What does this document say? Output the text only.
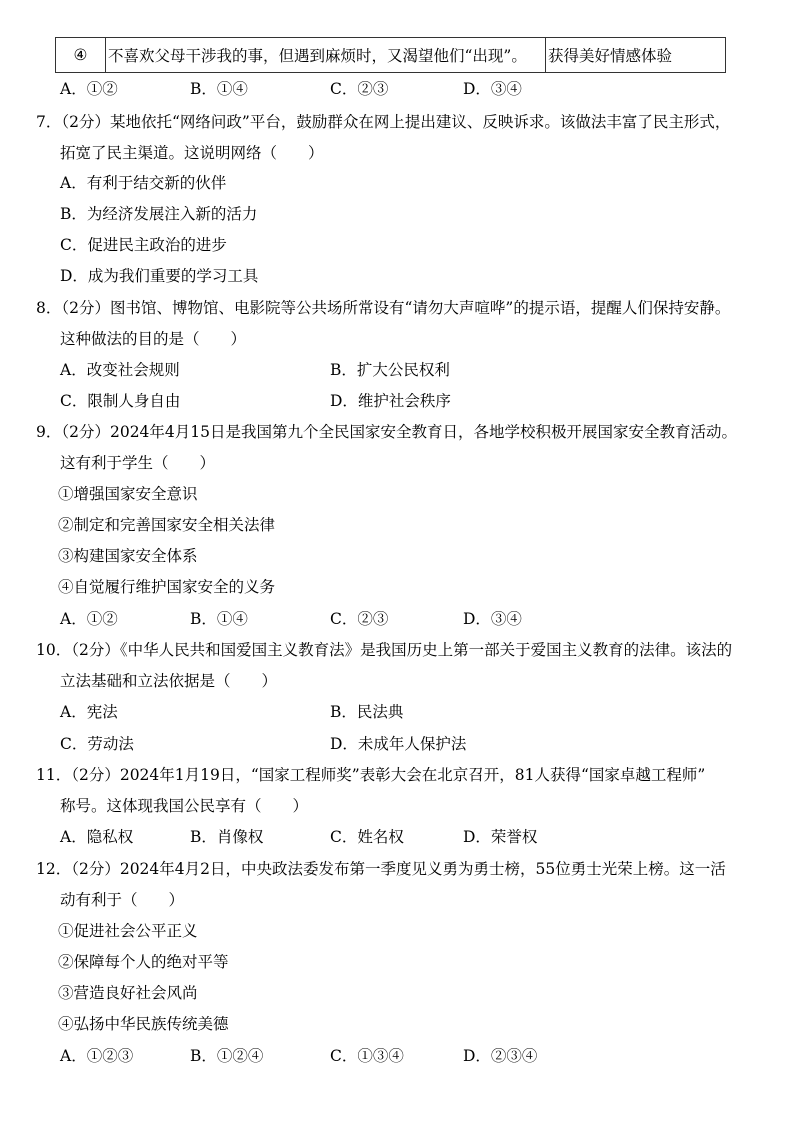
④	不喜欢父母干涉我的事，但遇到麻烦时，又渴望他们“出现”。	获得美好情感体验
A．①②	B．①④	C．②③	D．③④
7．（2分）某地依托“网络问政”平台，鼓励群众在网上提出建议、反映诉求。该做法丰富了民主形式，
拓宽了民主渠道。这说明网络（　　）
A．有利于结交新的伙伴
B．为经济发展注入新的活力
C．促进民主政治的进步
D．成为我们重要的学习工具
8．（2分）图书馆、博物馆、电影院等公共场所常设有“请勿大声喧哗”的提示语，提醒人们保持安静。
这种做法的目的是（　　）
A．改变社会规则	B．扩大公民权利
C．限制人身自由	D．维护社会秩序
9．（2分）2024年4月15日是我国第九个全民国家安全教育日，各地学校积极开展国家安全教育活动。
这有利于学生（　　）
①增强国家安全意识
②制定和完善国家安全相关法律
③构建国家安全体系
④自觉履行维护国家安全的义务
A．①②	B．①④	C．②③	D．③④
10．（2分）《中华人民共和国爱国主义教育法》是我国历史上第一部关于爱国主义教育的法律。该法的
立法基础和立法依据是（　　）
A．宪法	B．民法典
C．劳动法	D．未成年人保护法
11．（2分）2024年1月19日，“国家工程师奖”表彰大会在北京召开，81人获得“国家卓越工程师”
称号。这体现我国公民享有（　　）
A．隐私权	B．肖像权	C．姓名权	D．荣誉权
12．（2分）2024年4月2日，中央政法委发布第一季度见义勇为勇士榜，55位勇士光荣上榜。这一活
动有利于（　　）
①促进社会公平正义
②保障每个人的绝对平等
③营造良好社会风尚
④弘扬中华民族传统美德
A．①②③	B．①②④	C．①③④	D．②③④
